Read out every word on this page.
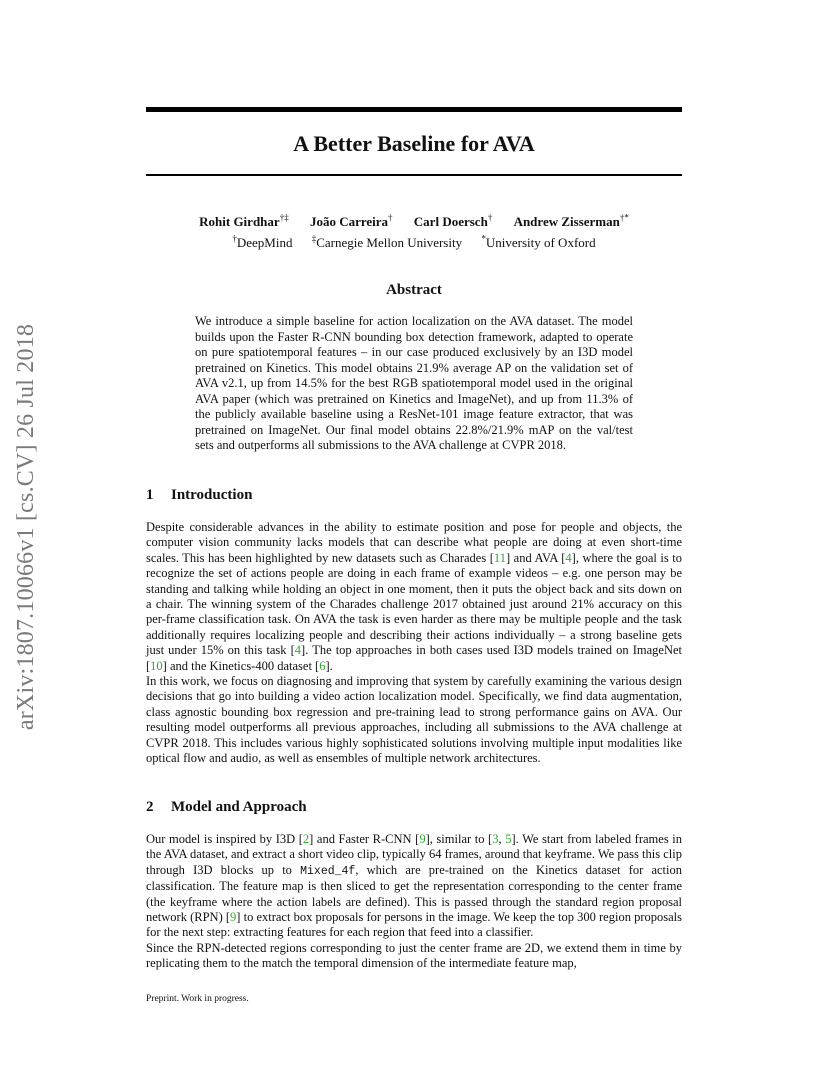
arXiv:1807.10066v1 [cs.CV] 26 Jul 2018
A Better Baseline for AVA
Rohit Girdhar†‡ João Carreira† Carl Doersch† Andrew Zisserman†*
†DeepMind ‡Carnegie Mellon University *University of Oxford
Abstract

We introduce a simple baseline for action localization on the AVA dataset. The model builds upon the Faster R-CNN bounding box detection framework, adapted to operate on pure spatiotemporal features – in our case produced exclusively by an I3D model pretrained on Kinetics. This model obtains 21.9% average AP on the validation set of AVA v2.1, up from 14.5% for the best RGB spatiotemporal model used in the original AVA paper (which was pretrained on Kinetics and ImageNet), and up from 11.3% of the publicly available baseline using a ResNet-101 image feature extractor, that was pretrained on ImageNet. Our final model obtains 22.8%/21.9% mAP on the val/test sets and outperforms all submissions to the AVA challenge at CVPR 2018.

1 Introduction

Despite considerable advances in the ability to estimate position and pose for people and objects, the computer vision community lacks models that can describe what people are doing at even short-time scales. This has been highlighted by new datasets such as Charades [11] and AVA [4], where the goal is to recognize the set of actions people are doing in each frame of example videos – e.g. one person may be standing and talking while holding an object in one moment, then it puts the object back and sits down on a chair. The winning system of the Charades challenge 2017 obtained just around 21% accuracy on this per-frame classification task. On AVA the task is even harder as there may be multiple people and the task additionally requires localizing people and describing their actions individually – a strong baseline gets just under 15% on this task [4]. The top approaches in both cases used I3D models trained on ImageNet [10] and the Kinetics-400 dataset [6].

In this work, we focus on diagnosing and improving that system by carefully examining the various design decisions that go into building a video action localization model. Specifically, we find data augmentation, class agnostic bounding box regression and pre-training lead to strong performance gains on AVA. Our resulting model outperforms all previous approaches, including all submissions to the AVA challenge at CVPR 2018. This includes various highly sophisticated solutions involving multiple input modalities like optical flow and audio, as well as ensembles of multiple network architectures.

2 Model and Approach

Our model is inspired by I3D [2] and Faster R-CNN [9], similar to [3, 5]. We start from labeled frames in the AVA dataset, and extract a short video clip, typically 64 frames, around that keyframe. We pass this clip through I3D blocks up to Mixed_4f, which are pre-trained on the Kinetics dataset for action classification. The feature map is then sliced to get the representation corresponding to the center frame (the keyframe where the action labels are defined). This is passed through the standard region proposal network (RPN) [9] to extract box proposals for persons in the image. We keep the top 300 region proposals for the next step: extracting features for each region that feed into a classifier.

Since the RPN-detected regions corresponding to just the center frame are 2D, we extend them in time by replicating them to the match the temporal dimension of the intermediate feature map,

Preprint. Work in progress.
